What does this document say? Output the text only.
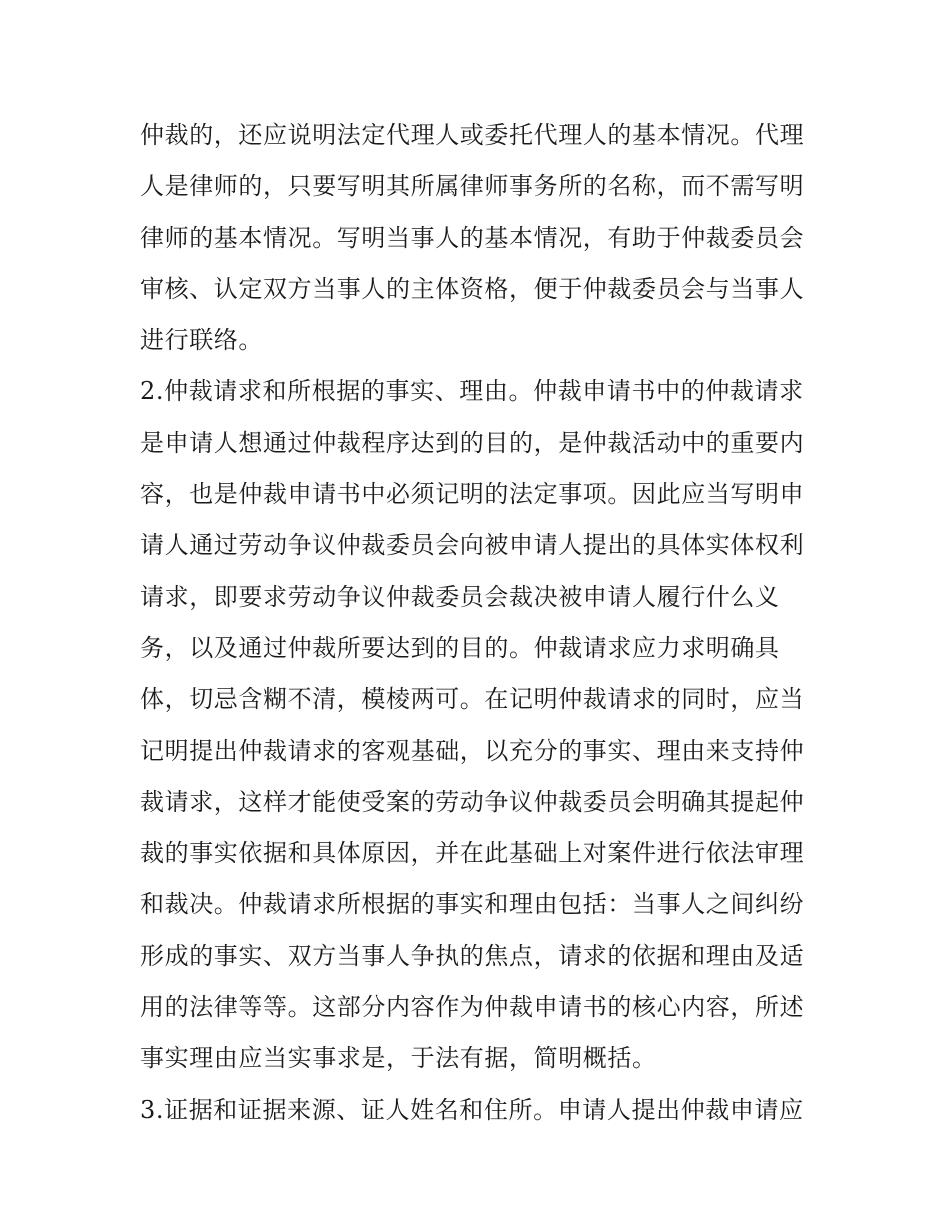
仲裁的，还应说明法定代理人或委托代理人的基本情况。代理
人是律师的，只要写明其所属律师事务所的名称，而不需写明
律师的基本情况。写明当事人的基本情况，有助于仲裁委员会
审核、认定双方当事人的主体资格，便于仲裁委员会与当事人
进行联络。
2.仲裁请求和所根据的事实、理由。仲裁申请书中的仲裁请求
是申请人想通过仲裁程序达到的目的，是仲裁活动中的重要内
容，也是仲裁申请书中必须记明的法定事项。因此应当写明申
请人通过劳动争议仲裁委员会向被申请人提出的具体实体权利
请求，即要求劳动争议仲裁委员会裁决被申请人履行什么义
务，以及通过仲裁所要达到的目的。仲裁请求应力求明确具
体，切忌含糊不清，模棱两可。在记明仲裁请求的同时，应当
记明提出仲裁请求的客观基础，以充分的事实、理由来支持仲
裁请求，这样才能使受案的劳动争议仲裁委员会明确其提起仲
裁的事实依据和具体原因，并在此基础上对案件进行依法审理
和裁决。仲裁请求所根据的事实和理由包括：当事人之间纠纷
形成的事实、双方当事人争执的焦点，请求的依据和理由及适
用的法律等等。这部分内容作为仲裁申请书的核心内容，所述
事实理由应当实事求是，于法有据，简明概括。
3.证据和证据来源、证人姓名和住所。申请人提出仲裁申请应
